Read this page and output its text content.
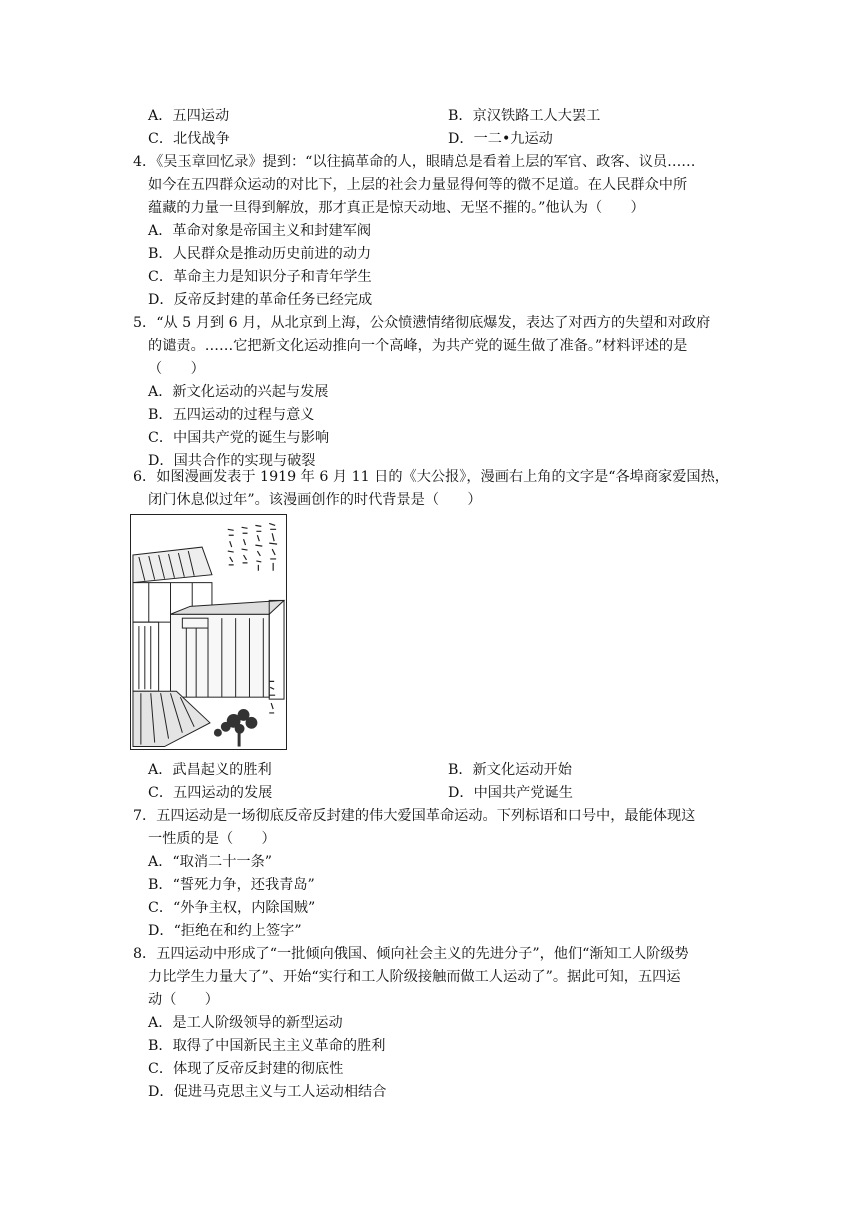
A．五四运动	B．京汉铁路工人大罢工
C．北伐战争	D．一二•九运动
4．《吴玉章回忆录》提到：“以往搞革命的人，眼睛总是看着上层的军官、政客、议员……
如今在五四群众运动的对比下，上层的社会力量显得何等的微不足道。在人民群众中所
蕴藏的力量一旦得到解放，那才真正是惊天动地、无坚不摧的。”他认为（　　）
A．革命对象是帝国主义和封建军阀
B．人民群众是推动历史前进的动力
C．革命主力是知识分子和青年学生
D．反帝反封建的革命任务已经完成
5．“从 5 月到 6 月，从北京到上海，公众愤懑情绪彻底爆发，表达了对西方的失望和对政府
的谴责。……它把新文化运动推向一个高峰，为共产党的诞生做了准备。”材料评述的是
（　　）
A．新文化运动的兴起与发展
B．五四运动的过程与意义
C．中国共产党的诞生与影响
D．国共合作的实现与破裂
6．如图漫画发表于 1919 年 6 月 11 日的《大公报》，漫画右上角的文字是“各埠商家爱国热，
闭门休息似过年”。该漫画创作的时代背景是（　　）
A．武昌起义的胜利	B．新文化运动开始
C．五四运动的发展	D．中国共产党诞生
7．五四运动是一场彻底反帝反封建的伟大爱国革命运动。下列标语和口号中，最能体现这
一性质的是（　　）
A．“取消二十一条”
B．“誓死力争，还我青岛”
C．“外争主权，内除国贼”
D．“拒绝在和约上签字”
8．五四运动中形成了“一批倾向俄国、倾向社会主义的先进分子”，他们“渐知工人阶级势
力比学生力量大了”、开始“实行和工人阶级接触而做工人运动了”。据此可知，五四运
动（　　）
A．是工人阶级领导的新型运动
B．取得了中国新民主主义革命的胜利
C．体现了反帝反封建的彻底性
D．促进马克思主义与工人运动相结合
